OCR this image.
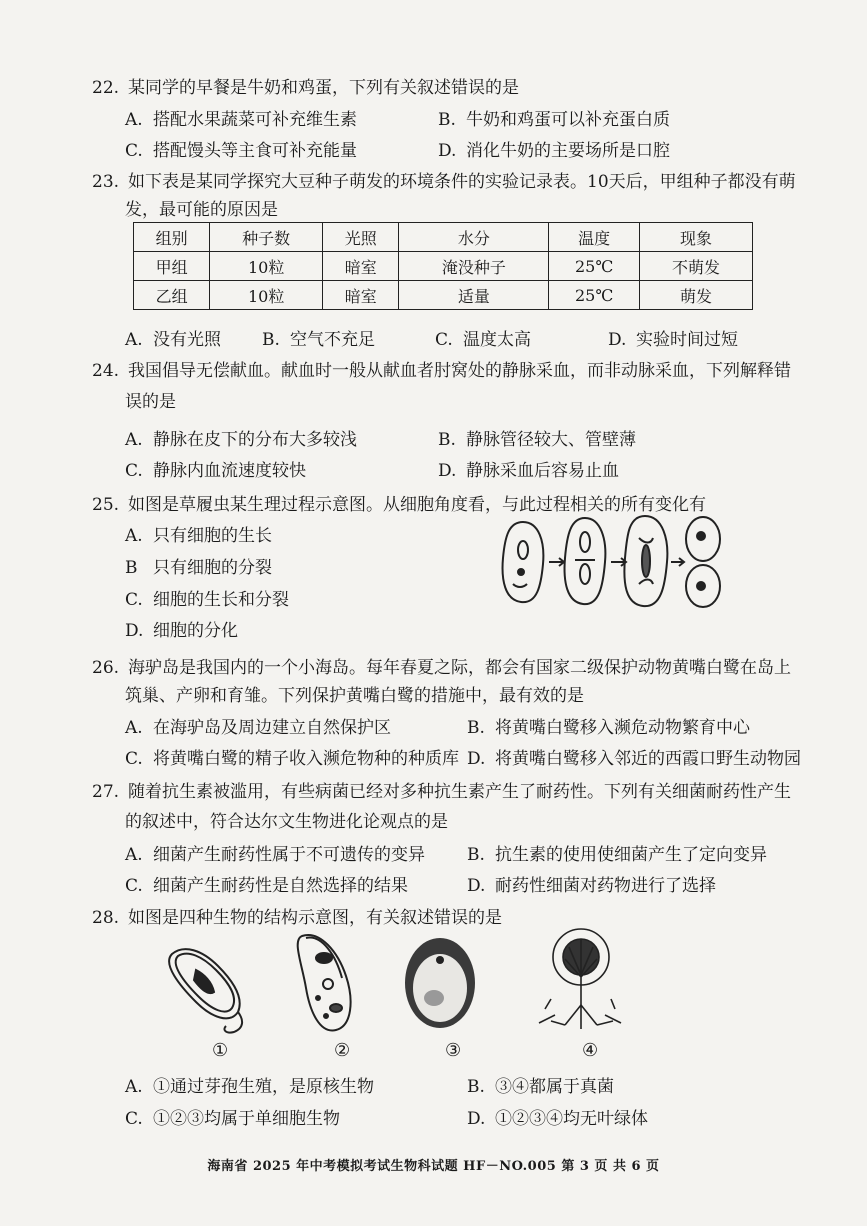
22. 某同学的早餐是牛奶和鸡蛋，下列有关叙述错误的是
A. 搭配水果蔬菜可补充维生素	B. 牛奶和鸡蛋可以补充蛋白质
C. 搭配馒头等主食可补充能量	D. 消化牛奶的主要场所是口腔
23. 如下表是某同学探究大豆种子萌发的环境条件的实验记录表。10天后，甲组种子都没有萌
发，最可能的原因是
组别	种子数	光照	水分	温度	现象
甲组	10粒	暗室	淹没种子	25℃	不萌发
乙组	10粒	暗室	适量	25℃	萌发
A. 没有光照 B. 空气不充足	C. 温度太高	D. 实验时间过短
24. 我国倡导无偿献血。献血时一般从献血者肘窝处的静脉采血，而非动脉采血，下列解释错
误的是
A. 静脉在皮下的分布大多较浅	B. 静脉管径较大、管壁薄
C. 静脉内血流速度较快	D. 静脉采血后容易止血
25. 如图是草履虫某生理过程示意图。从细胞角度看，与此过程相关的所有变化有
A. 只有细胞的生长
B 只有细胞的分裂
C. 细胞的生长和分裂
D. 细胞的分化
26. 海驴岛是我国内的一个小海岛。每年春夏之际，都会有国家二级保护动物黄嘴白鹭在岛上
筑巢、产卵和育雏。下列保护黄嘴白鹭的措施中，最有效的是
A. 在海驴岛及周边建立自然保护区	B. 将黄嘴白鹭移入濒危动物繁育中心
C. 将黄嘴白鹭的精子收入濒危物种的种质库 D. 将黄嘴白鹭移入邻近的西霞口野生动物园
27. 随着抗生素被滥用，有些病菌已经对多种抗生素产生了耐药性。下列有关细菌耐药性产生
的叙述中，符合达尔文生物进化论观点的是
A. 细菌产生耐药性属于不可遗传的变异 B. 抗生素的使用使细菌产生了定向变异
C. 细菌产生耐药性是自然选择的结果	D. 耐药性细菌对药物进行了选择
28. 如图是四种生物的结构示意图，有关叙述错误的是
①	②	③	④
A. ①通过芽孢生殖，是原核生物	B. ③④都属于真菌
C. ①②③均属于单细胞生物	D. ①②③④均无叶绿体
海南省 2025 年中考模拟考试生物科试题 HF－NO.005 第 3 页 共 6 页
